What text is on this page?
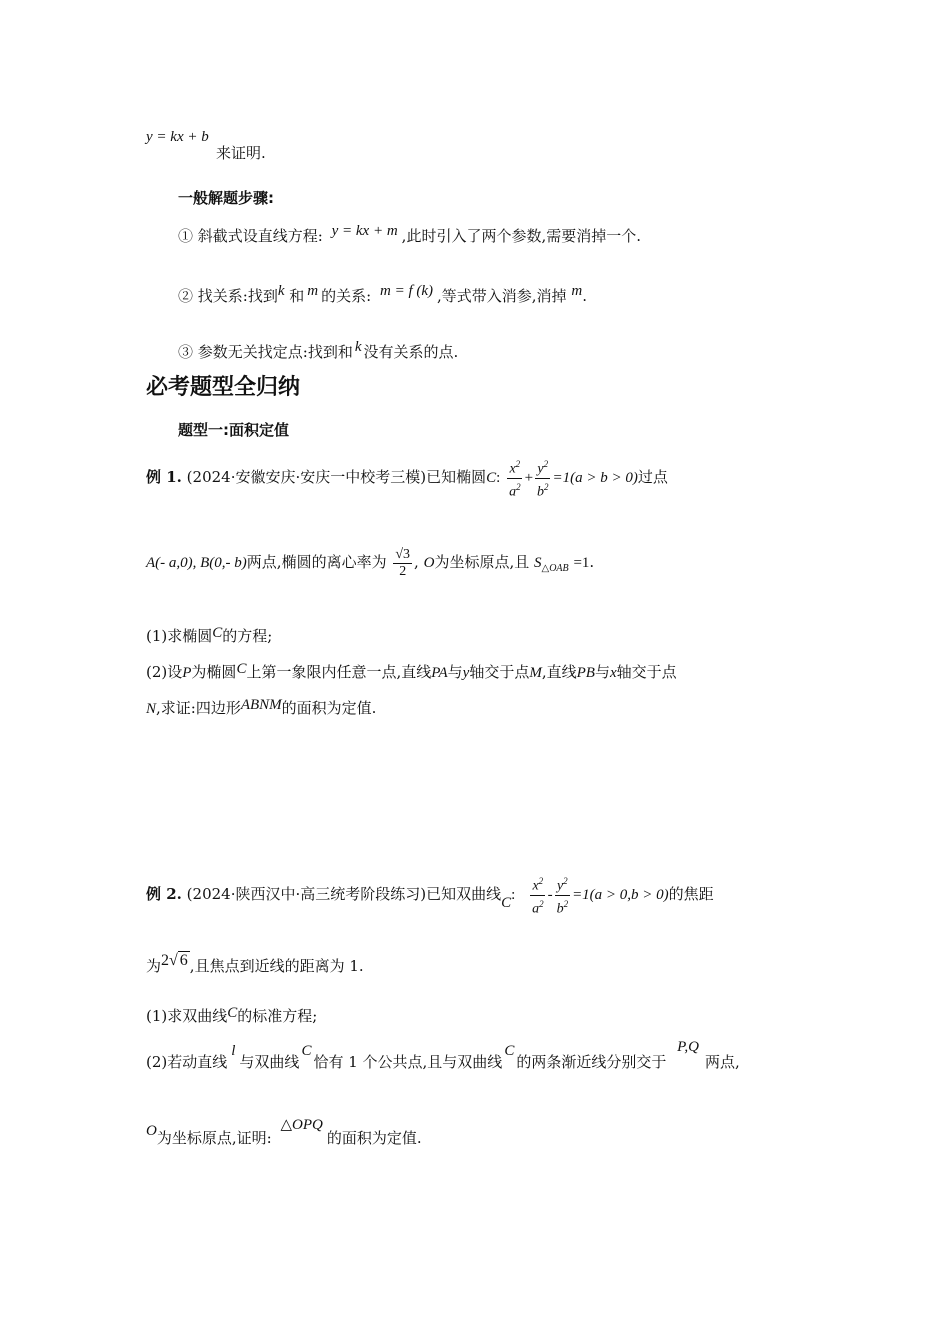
y = kx + b
来证明.
一般解题步骤:
① 斜截式设直线方程: y = kx + m ,此时引入了两个参数,需要消掉一个.
② 找关系:找到k 和 m 的关系: m = f (k) ,等式带入消参,消掉 m.
③ 参数无关找定点:找到和 k 没有关系的点.
必考题型全归纳
题型一:面积定值
例 1. (2024·安徽安庆·安庆一中校考三模)已知椭圆C: $\frac{x^2}{a^2} + \frac{y^2}{b^2} =1(a > b > 0)$过点
A(- a,0), B(0,- b)两点,椭圆的离心率为 $\frac{√3}{2}$ , O为坐标原点,且 $S_{\triangle OAB} =1$.
(1)求椭圆C的方程;
(2)设P为椭圆C上第一象限内任意一点,直线PA与y轴交于点M,直线PB与x轴交于点
N,求证:四边形ABNM的面积为定值.
例 2. (2024·陕西汉中·高三统考阶段练习)已知双曲线C: $\frac{x^2}{a^2} - \frac{y^2}{b^2} =1(a > 0,b > 0)$的焦距
为2√ 6 ,且焦点到近线的距离为 1.
(1)求双曲线C的标准方程;
(2)若动直线l与双曲线C恰有 1 个公共点,且与双曲线C的两条渐近线分别交于 P,Q两点,
O为坐标原点,证明: △OPQ的面积为定值.
